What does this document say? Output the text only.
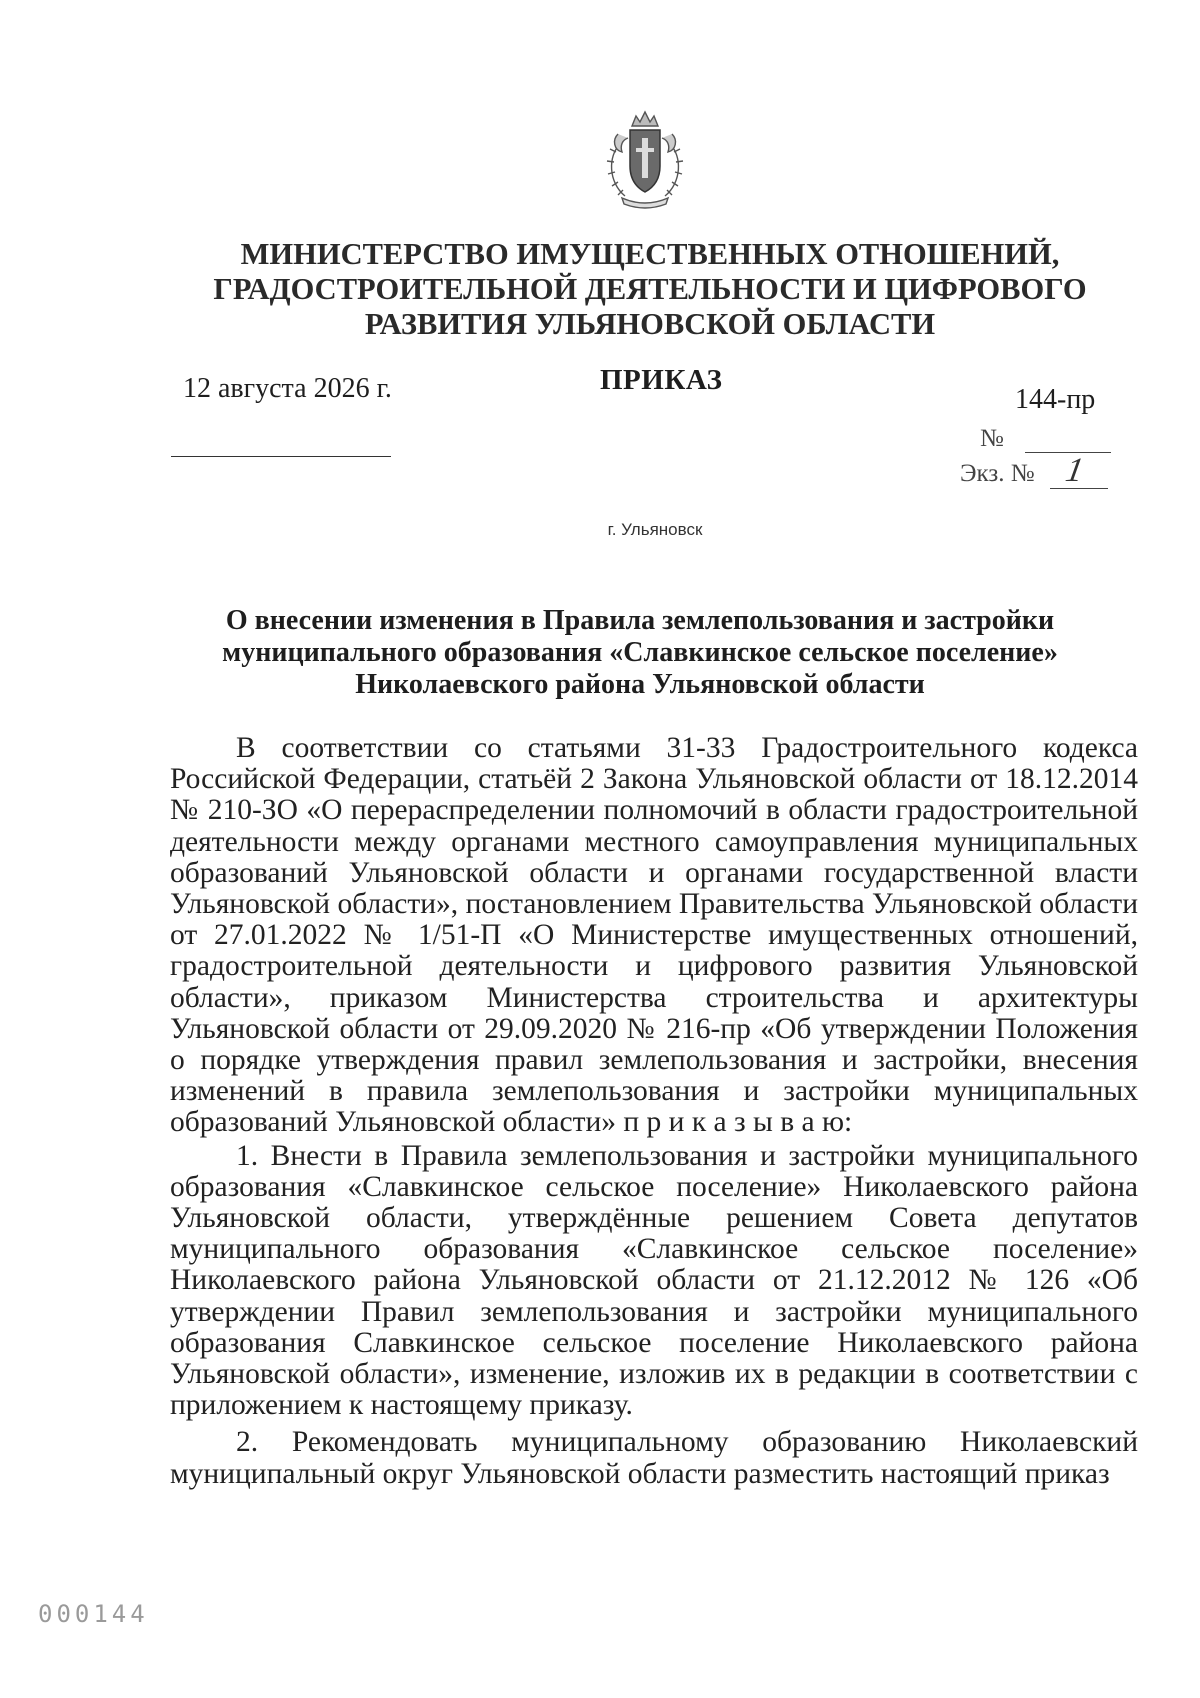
МИНИСТЕРСТВО ИМУЩЕСТВЕННЫХ ОТНОШЕНИЙ, ГРАДОСТРОИТЕЛЬНОЙ ДЕЯТЕЛЬНОСТИ И ЦИФРОВОГО РАЗВИТИЯ УЛЬЯНОВСКОЙ ОБЛАСТИ
12 августа 2026 г.	ПРИКАЗ
144-пр
№
Экз. № 1
г. Ульяновск
О внесении изменения в Правила землепользования и застройки муниципального образования «Славкинское сельское поселение» Николаевского района Ульяновской области

В соответствии со статьями 31-33 Градостроительного кодекса Российской Федерации, статьёй 2 Закона Ульяновской области от 18.12.2014 № 210-ЗО «О перераспределении полномочий в области градостроительной деятельности между органами местного самоуправления муниципальных образований Ульяновской области и органами государственной власти Ульяновской области», постановлением Правительства Ульяновской области от 27.01.2022 № 1/51-П «О Министерстве имущественных отношений, градостроительной деятельности и цифрового развития Ульяновской области», приказом Министерства строительства и архитектуры Ульяновской области от 29.09.2020 № 216-пр «Об утверждении Положения о порядке утверждения правил землепользования и застройки, внесения изменений в правила землепользования и застройки муниципальных образований Ульяновской области» п р и к а з ы в а ю:

1. Внести в Правила землепользования и застройки муниципального образования «Славкинское сельское поселение» Николаевского района Ульяновской области, утверждённые решением Совета депутатов муниципального образования «Славкинское сельское поселение» Николаевского района Ульяновской области от 21.12.2012 № 126 «Об утверждении Правил землепользования и застройки муниципального образования Славкинское сельское поселение Николаевского района Ульяновской области», изменение, изложив их в редакции в соответствии с приложением к настоящему приказу.

2. Рекомендовать муниципальному образованию Николаевский муниципальный округ Ульяновской области разместить настоящий приказ

000144
